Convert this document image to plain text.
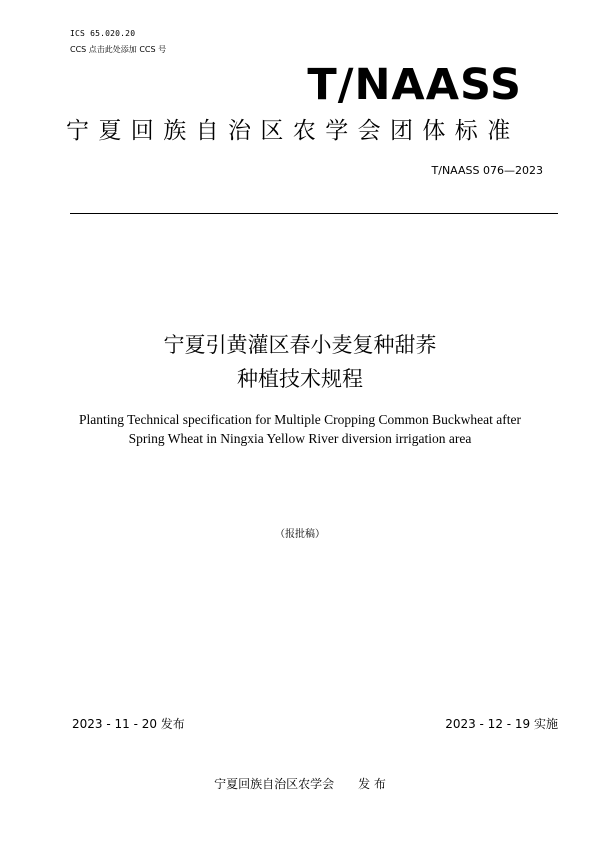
ICS 65.020.20
CCS 点击此处添加 CCS 号
T/NAASS
宁夏回族自治区农学会团体标准
T/NAASS 076—2023
宁夏引黄灌区春小麦复种甜荞
种植技术规程
Planting Technical specification for Multiple Cropping Common Buckwheat after
Spring Wheat in Ningxia Yellow River diversion irrigation area
（报批稿）
2023 - 11 - 20 发布	2023 - 12 - 19 实施
宁夏回族自治区农学会 发 布
